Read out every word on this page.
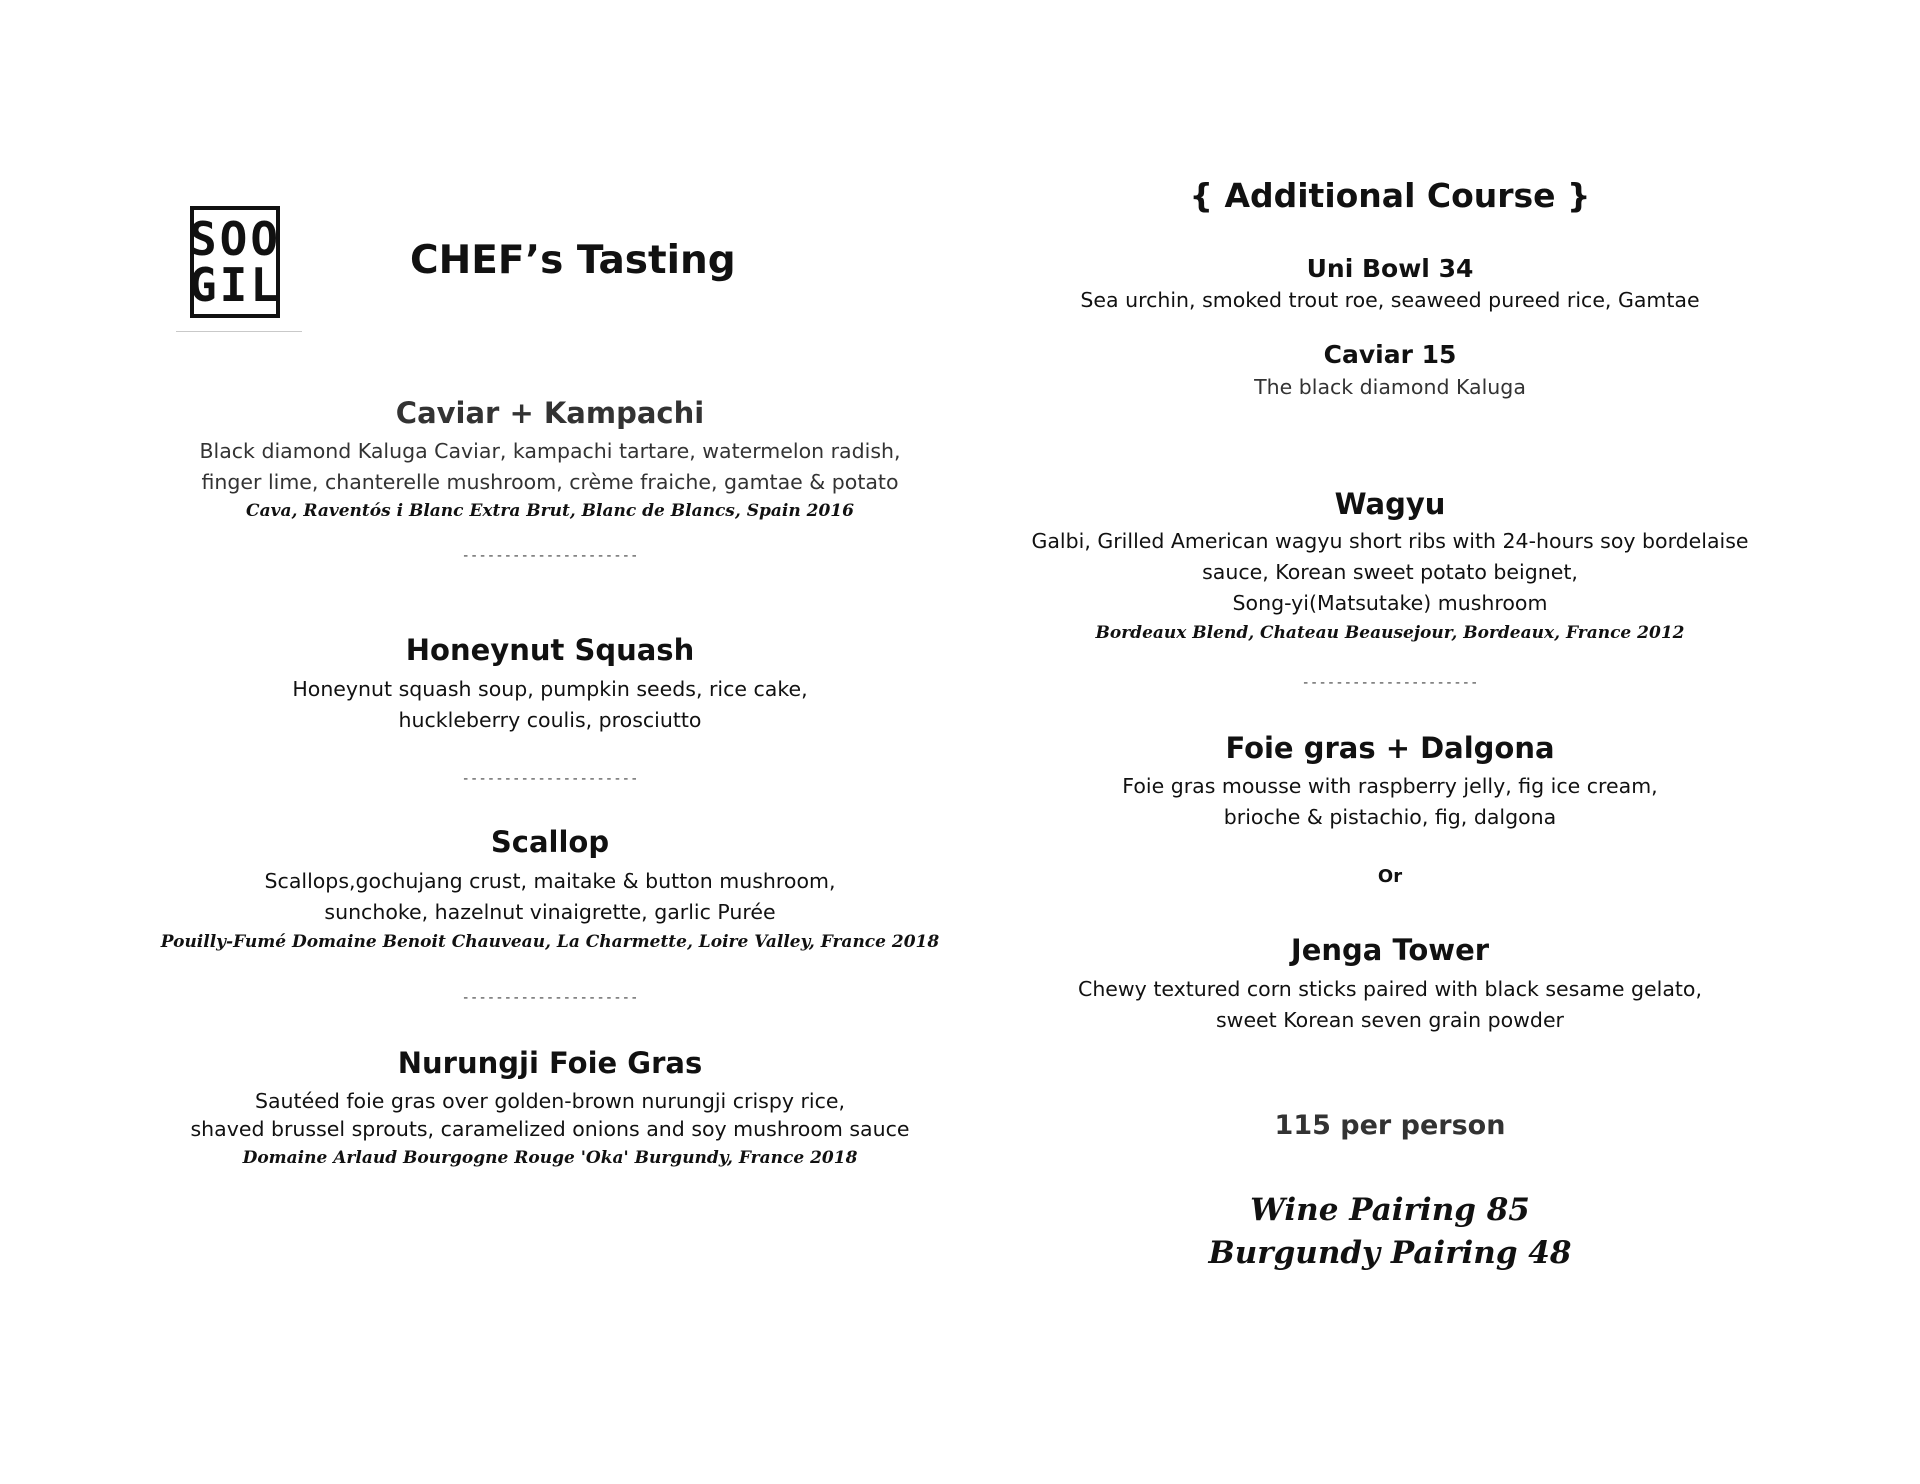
SOO
GIL	CHEF’s Tasting
Caviar + Kampachi
Black diamond Kaluga Caviar, kampachi tartare, watermelon radish,
finger lime, chanterelle mushroom, crème fraiche, gamtae & potato
Cava, Raventós i Blanc Extra Brut, Blanc de Blancs, Spain 2016
---------------------
Honeynut Squash
Honeynut squash soup, pumpkin seeds, rice cake,
huckleberry coulis, prosciutto
---------------------
Scallop
Scallops,gochujang crust, maitake & button mushroom,
sunchoke, hazelnut vinaigrette, garlic Purée
Pouilly-Fumé Domaine Benoit Chauveau, La Charmette, Loire Valley, France 2018
---------------------
Nurungji Foie Gras
Sautéed foie gras over golden-brown nurungji crispy rice,
shaved brussel sprouts, caramelized onions and soy mushroom sauce
Domaine Arlaud Bourgogne Rouge 'Oka' Burgundy, France 2018
{ Additional Course }
Uni Bowl 34
Sea urchin, smoked trout roe, seaweed pureed rice, Gamtae
Caviar 15
The black diamond Kaluga
Wagyu
Galbi, Grilled American wagyu short ribs with 24-hours soy bordelaise
sauce, Korean sweet potato beignet,
Song-yi(Matsutake) mushroom
Bordeaux Blend, Chateau Beausejour, Bordeaux, France 2012
---------------------
Foie gras + Dalgona
Foie gras mousse with raspberry jelly, fig ice cream,
brioche & pistachio, fig, dalgona
Or
Jenga Tower
Chewy textured corn sticks paired with black sesame gelato,
sweet Korean seven grain powder
115 per person
Wine Pairing 85
Burgundy Pairing 48
